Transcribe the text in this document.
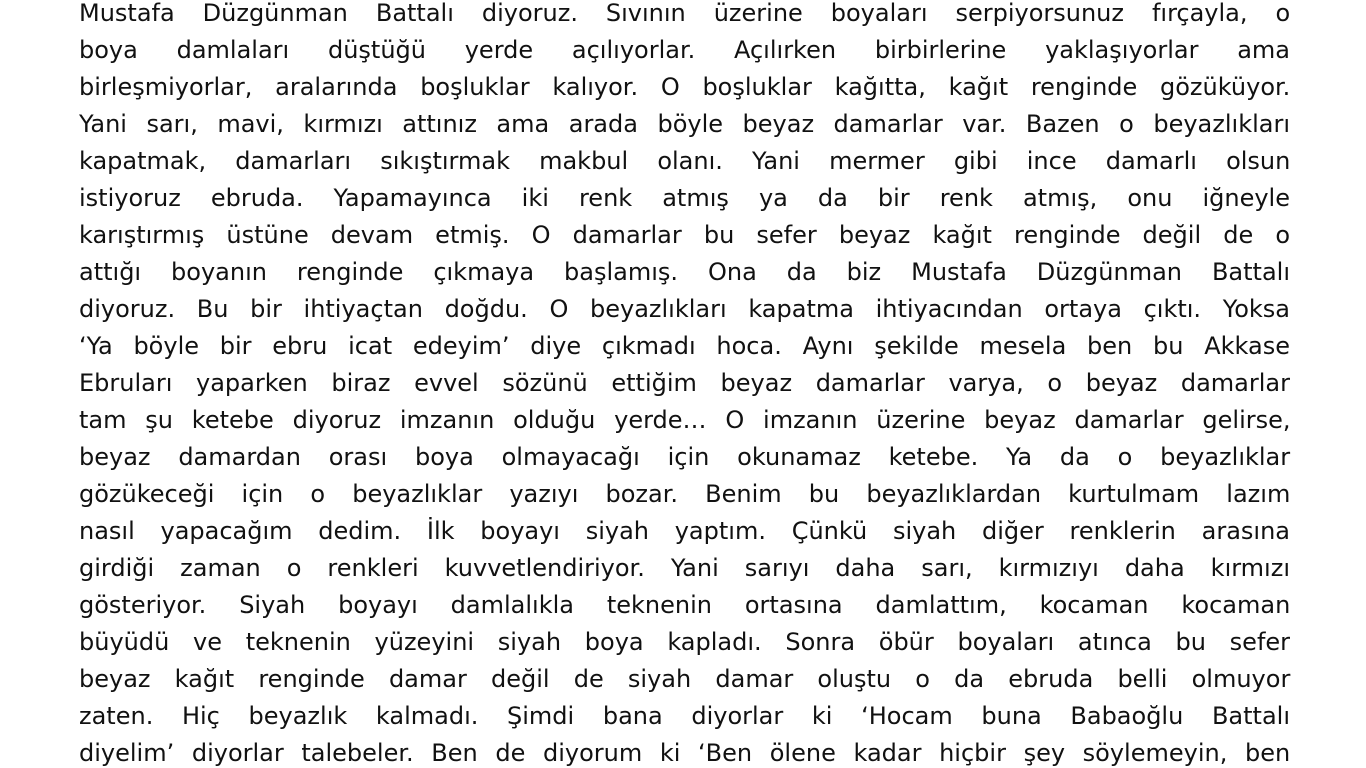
Mustafa Düzgünman Battalı diyoruz. Sıvının üzerine boyaları serpiyorsunuz fırçayla, o
boya damlaları düştüğü yerde açılıyorlar. Açılırken birbirlerine yaklaşıyorlar ama
birleşmiyorlar, aralarında boşluklar kalıyor. O boşluklar kağıtta, kağıt renginde gözüküyor.
Yani sarı, mavi, kırmızı attınız ama arada böyle beyaz damarlar var. Bazen o beyazlıkları
kapatmak, damarları sıkıştırmak makbul olanı. Yani mermer gibi ince damarlı olsun
istiyoruz ebruda. Yapamayınca iki renk atmış ya da bir renk atmış, onu iğneyle
karıştırmış üstüne devam etmiş. O damarlar bu sefer beyaz kağıt renginde değil de o
attığı boyanın renginde çıkmaya başlamış. Ona da biz Mustafa Düzgünman Battalı
diyoruz. Bu bir ihtiyaçtan doğdu. O beyazlıkları kapatma ihtiyacından ortaya çıktı. Yoksa
‘Ya böyle bir ebru icat edeyim’ diye çıkmadı hoca. Aynı şekilde mesela ben bu Akkase
Ebruları yaparken biraz evvel sözünü ettiğim beyaz damarlar varya, o beyaz damarlar
tam şu ketebe diyoruz imzanın olduğu yerde… O imzanın üzerine beyaz damarlar gelirse,
beyaz damardan orası boya olmayacağı için okunamaz ketebe. Ya da o beyazlıklar
gözükeceği için o beyazlıklar yazıyı bozar. Benim bu beyazlıklardan kurtulmam lazım
nasıl yapacağım dedim. İlk boyayı siyah yaptım. Çünkü siyah diğer renklerin arasına
girdiği zaman o renkleri kuvvetlendiriyor. Yani sarıyı daha sarı, kırmızıyı daha kırmızı
gösteriyor. Siyah boyayı damlalıkla teknenin ortasına damlattım, kocaman kocaman
büyüdü ve teknenin yüzeyini siyah boya kapladı. Sonra öbür boyaları atınca bu sefer
beyaz kağıt renginde damar değil de siyah damar oluştu o da ebruda belli olmuyor
zaten. Hiç beyazlık kalmadı. Şimdi bana diyorlar ki ‘Hocam buna Babaoğlu Battalı
diyelim’ diyorlar talebeler. Ben de diyorum ki ‘Ben ölene kadar hiçbir şey söylemeyin, ben
